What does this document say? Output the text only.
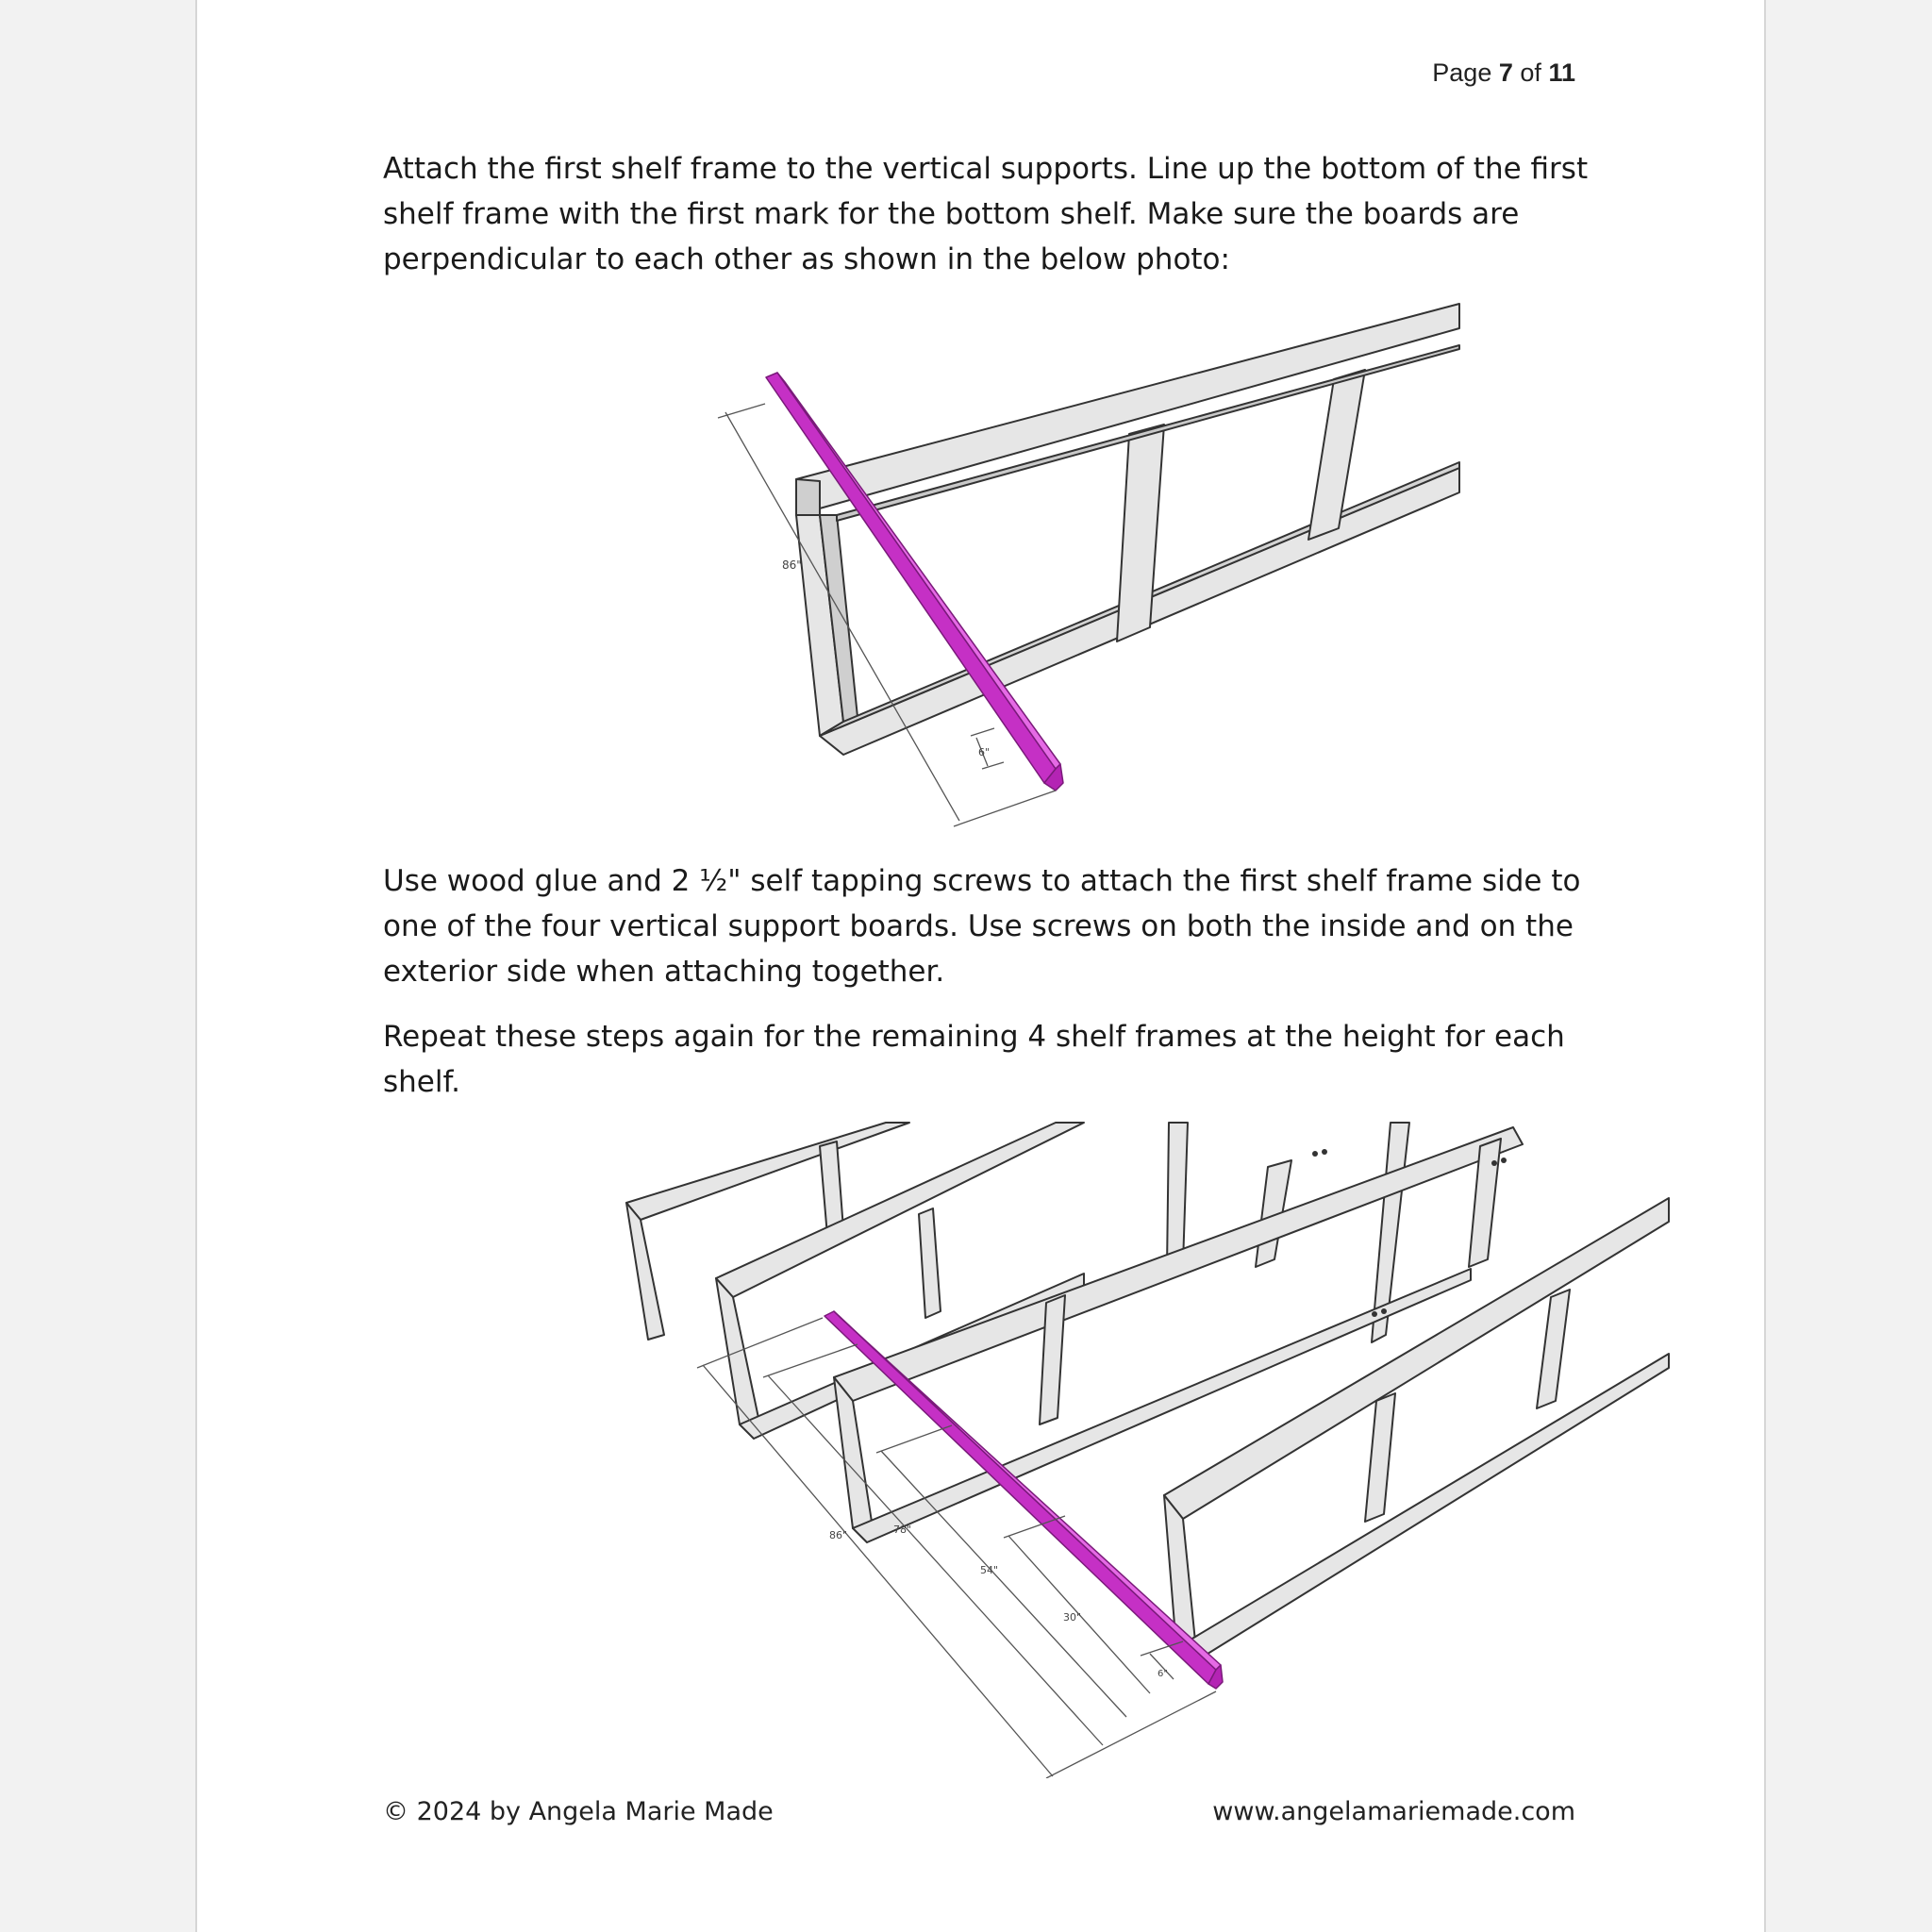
Page 7 of 11

Attach the first shelf frame to the vertical supports. Line up the bottom of the first shelf frame with the first mark for the bottom shelf. Make sure the boards are perpendicular to each other as shown in the below photo:

86"
6"

Use wood glue and 2 ½" self tapping screws to attach the first shelf frame side to one of the four vertical support boards. Use screws on both the inside and on the exterior side when attaching together.

Repeat these steps again for the remaining 4 shelf frames at the height for each shelf.

86"	78"
54"
30"
6"
© 2024 by Angela Marie Made	www.angelamariemade.com
